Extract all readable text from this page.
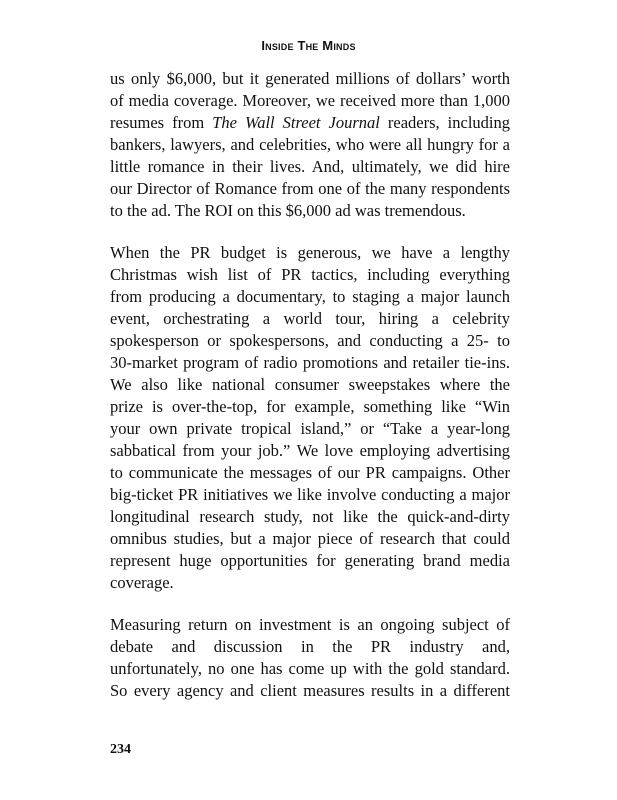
Inside The Minds

us only $6,000, but it generated millions of dollars’ worth
of media coverage. Moreover, we received more than 1,000
resumes from The Wall Street Journal readers, including
bankers, lawyers, and celebrities, who were all hungry for a
little romance in their lives. And, ultimately, we did hire
our Director of Romance from one of the many respondents
to the ad. The ROI on this $6,000 ad was tremendous.

When the PR budget is generous, we have a lengthy
Christmas wish list of PR tactics, including everything
from producing a documentary, to staging a major launch
event, orchestrating a world tour, hiring a celebrity
spokesperson or spokespersons, and conducting a 25- to
30-market program of radio promotions and retailer tie-ins.
We also like national consumer sweepstakes where the
prize is over-the-top, for example, something like “Win
your own private tropical island,” or “Take a year-long
sabbatical from your job.” We love employing advertising
to communicate the messages of our PR campaigns. Other
big-ticket PR initiatives we like involve conducting a major
longitudinal research study, not like the quick-and-dirty
omnibus studies, but a major piece of research that could
represent huge opportunities for generating brand media
coverage.

Measuring return on investment is an ongoing subject of
debate and discussion in the PR industry and,
unfortunately, no one has come up with the gold standard.
So every agency and client measures results in a different

234
